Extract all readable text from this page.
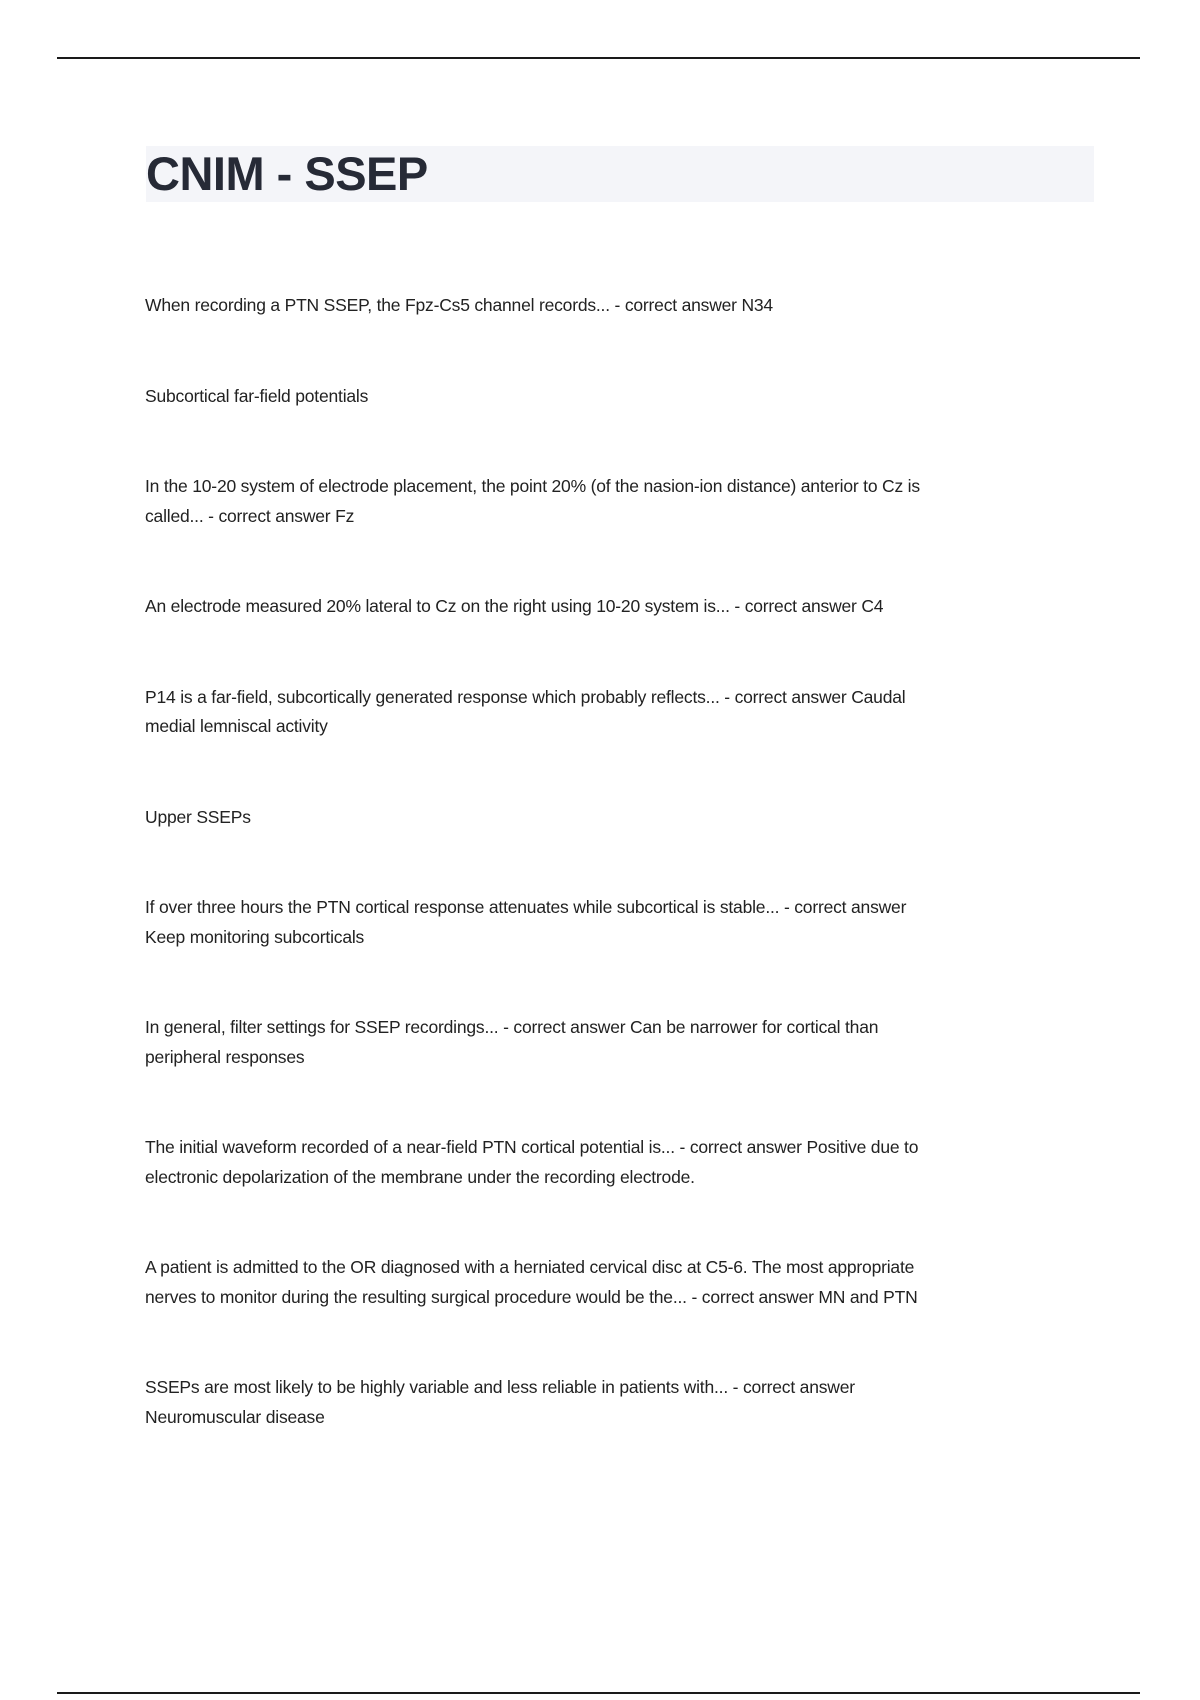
CNIM - SSEP

When recording a PTN SSEP, the Fpz-Cs5 channel records... - correct answer N34

Subcortical far-field potentials

In the 10-20 system of electrode placement, the point 20% (of the nasion-ion distance) anterior to Cz is
called... - correct answer Fz

An electrode measured 20% lateral to Cz on the right using 10-20 system is... - correct answer C4

P14 is a far-field, subcortically generated response which probably reflects... - correct answer Caudal
medial lemniscal activity

Upper SSEPs

If over three hours the PTN cortical response attenuates while subcortical is stable... - correct answer
Keep monitoring subcorticals

In general, filter settings for SSEP recordings... - correct answer Can be narrower for cortical than
peripheral responses

The initial waveform recorded of a near-field PTN cortical potential is... - correct answer Positive due to
electronic depolarization of the membrane under the recording electrode.

A patient is admitted to the OR diagnosed with a herniated cervical disc at C5-6. The most appropriate
nerves to monitor during the resulting surgical procedure would be the... - correct answer MN and PTN

SSEPs are most likely to be highly variable and less reliable in patients with... - correct answer
Neuromuscular disease
